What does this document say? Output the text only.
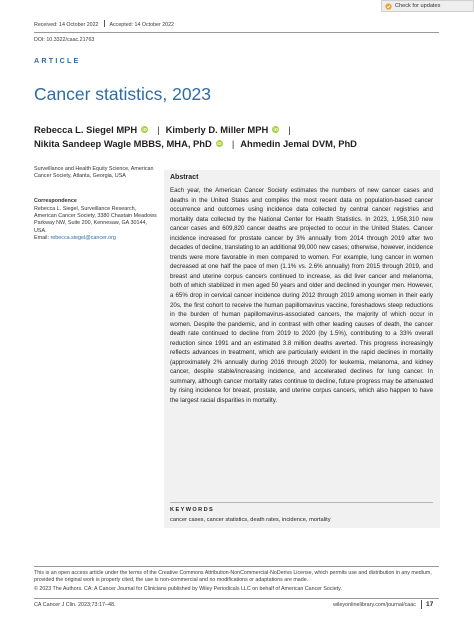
Check for updates
Received: 14 October 2022 Accepted: 14 October 2022
DOI: 10.3322/caac.21763
ARTICLE
Cancer statistics, 2023
Rebecca L. Siegel MPH iD | Kimberly D. Miller MPH iD |
Nikita Sandeep Wagle MBBS, MHA, PhD iD | Ahmedin Jemal DVM, PhD
Surveillance and Health Equity Science, American Cancer Society, Atlanta, Georgia, USA
Correspondence
Rebecca L. Siegel, Surveillance Research, American Cancer Society, 3380 Chastain Meadows Parkway NW, Suite 200, Kennesaw, GA 30144, USA.
Email: rebecca.siegel@cancer.org
Abstract
Each year, the American Cancer Society estimates the numbers of new cancer cases and deaths in the United States and compiles the most recent data on population-based cancer occurrence and outcomes using incidence data collected by central cancer registries and mortality data collected by the National Center for Health Statistics. In 2023, 1,958,310 new cancer cases and 609,820 cancer deaths are projected to occur in the United States. Cancer incidence increased for prostate cancer by 3% annually from 2014 through 2019 after two decades of decline, translating to an additional 99,000 new cases; otherwise, however, incidence trends were more favorable in men compared to women. For example, lung cancer in women decreased at one half the pace of men (1.1% vs. 2.6% annually) from 2015 through 2019, and breast and uterine corpus cancers continued to increase, as did liver cancer and melanoma, both of which stabilized in men aged 50 years and older and declined in younger men. However, a 65% drop in cervical cancer incidence during 2012 through 2019 among women in their early 20s, the first cohort to receive the human papillomavirus vaccine, foreshadows steep reductions in the burden of human papillomavirus-associated cancers, the majority of which occur in women. Despite the pandemic, and in contrast with other leading causes of death, the cancer death rate continued to decline from 2019 to 2020 (by 1.5%), contributing to a 33% overall reduction since 1991 and an estimated 3.8 million deaths averted. This progress increasingly reflects advances in treatment, which are particularly evident in the rapid declines in mortality (approximately 2% annually during 2016 through 2020) for leukemia, melanoma, and kidney cancer, despite stable/increasing incidence, and accelerated declines for lung cancer. In summary, although cancer mortality rates continue to decline, future progress may be attenuated by rising incidence for breast, prostate, and uterine corpus cancers, which also happen to have the largest racial disparities in mortality.
KEYWORDS
cancer cases, cancer statistics, death rates, incidence, mortality
This is an open access article under the terms of the Creative Commons Attribution-NonCommercial-NoDerivs License, which permits use and distribution in any medium, provided the original work is properly cited, the use is non-commercial and no modifications or adaptations are made.
© 2023 The Authors. CA: A Cancer Journal for Clinicians published by Wiley Periodicals LLC on behalf of American Cancer Society.
CA Cancer J Clin. 2023;73:17–48.	wileyonlinelibrary.com/journal/caac 17
